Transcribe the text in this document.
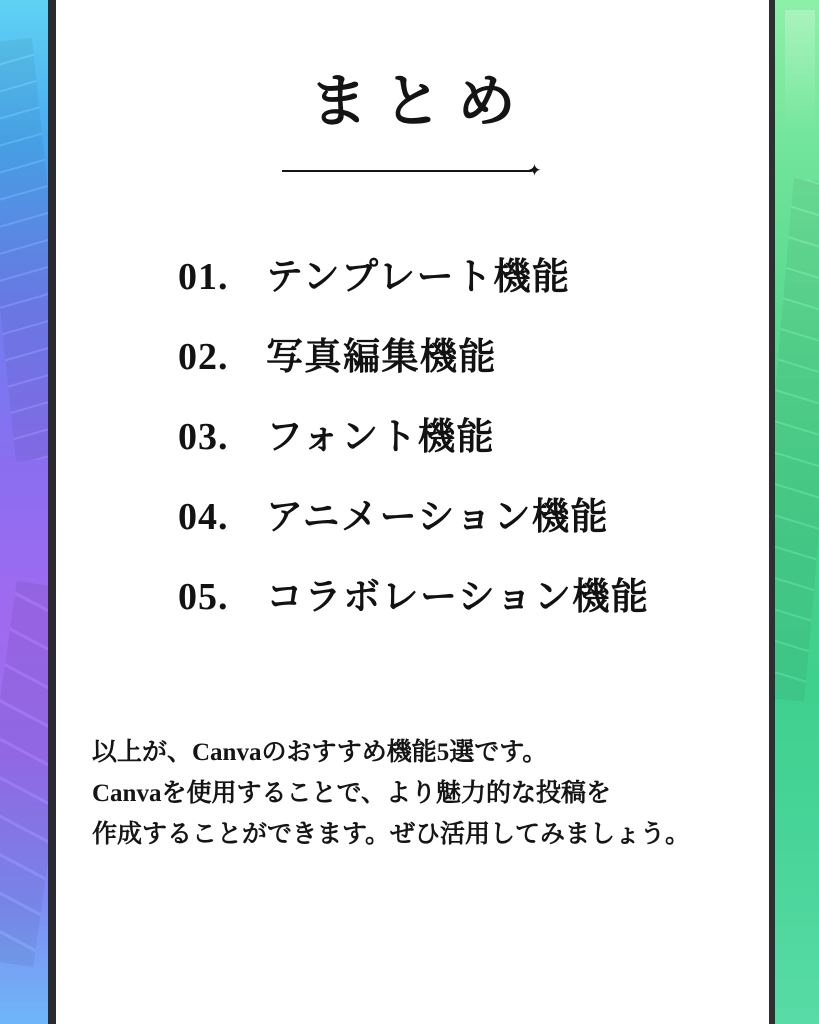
まとめ
✦
01.	テンプレート機能
02.	写真編集機能
03.	フォント機能
04.	アニメーション機能
05.	コラボレーション機能

以上が、Canvaのおすすめ機能5選です。

Canvaを使用することで、より魅力的な投稿を

作成することができます。ぜひ活用してみましょう。
